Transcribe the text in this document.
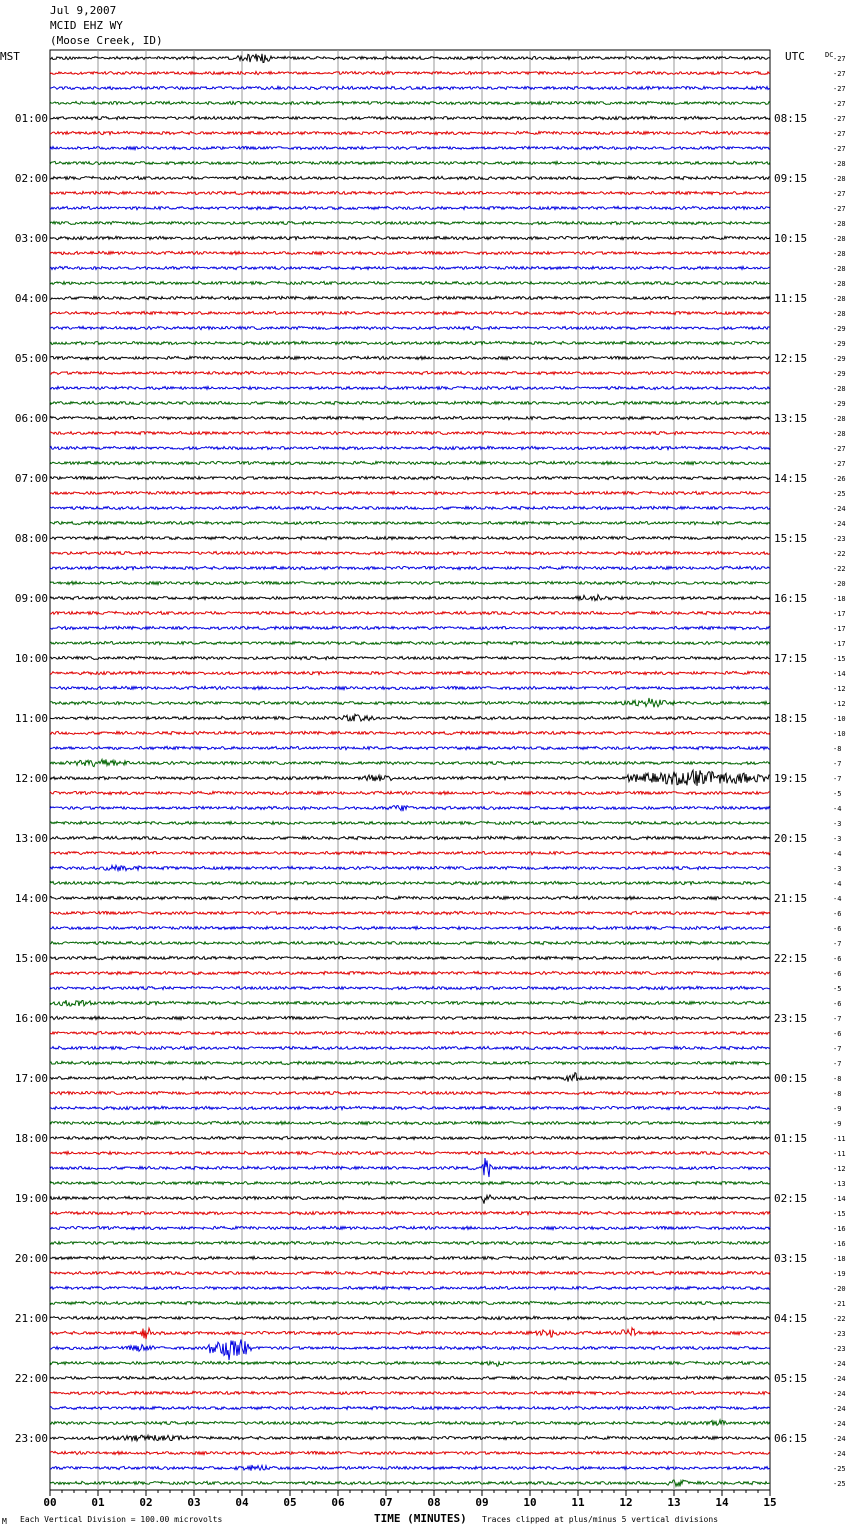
Jul 9,2007
MCID EHZ WY
(Moose Creek, ID)
00	01	02	03	04	05	06	07	08	09	10	11	12	13	14	15
-27
-27
-27
-27
-27
-27
-27
-28
-28
-27
-27
-28
-28
-28
-28
-28
-28
-28
-29
-29
-29
-29
-28
-29
-28
-28
-27
-27
-26
-25
-24
-24
-23
-22
-22
-20
-18
-17
-17
-17
-15
-14
-12
-12
-10
-10
-8
-7
-7
-5
-4
-3
-3
-4
-3
-4
-4
-6
-6
-7
-6
-6
-5
-6
-7
-6
-7
-7
-8
-8
-9
-9
-11
-11
-12
-13
-14
-15
-16
-16
-18
-19
-20
-21
-22
-23
-23
-24
-24
-24
-24
-24
-24
-24
-25
-25
MST	UTC	DC
01:00
02:00
03:00
04:00
05:00
06:00
07:00
08:00
09:00
10:00
11:00
12:00
13:00
14:00
15:00
16:00
17:00
18:00
19:00
20:00
21:00
22:00
23:00
08:15
09:15
10:15
11:15
12:15
13:15
14:15
15:15
16:15
17:15
18:15
19:15
20:15
21:15
22:15
23:15
00:15
01:15
02:15
03:15
04:15
05:15
06:15
M Each Vertical Division = 100.00 microvolts	TIME (MINUTES) Traces clipped at plus/minus 5 vertical divisions
